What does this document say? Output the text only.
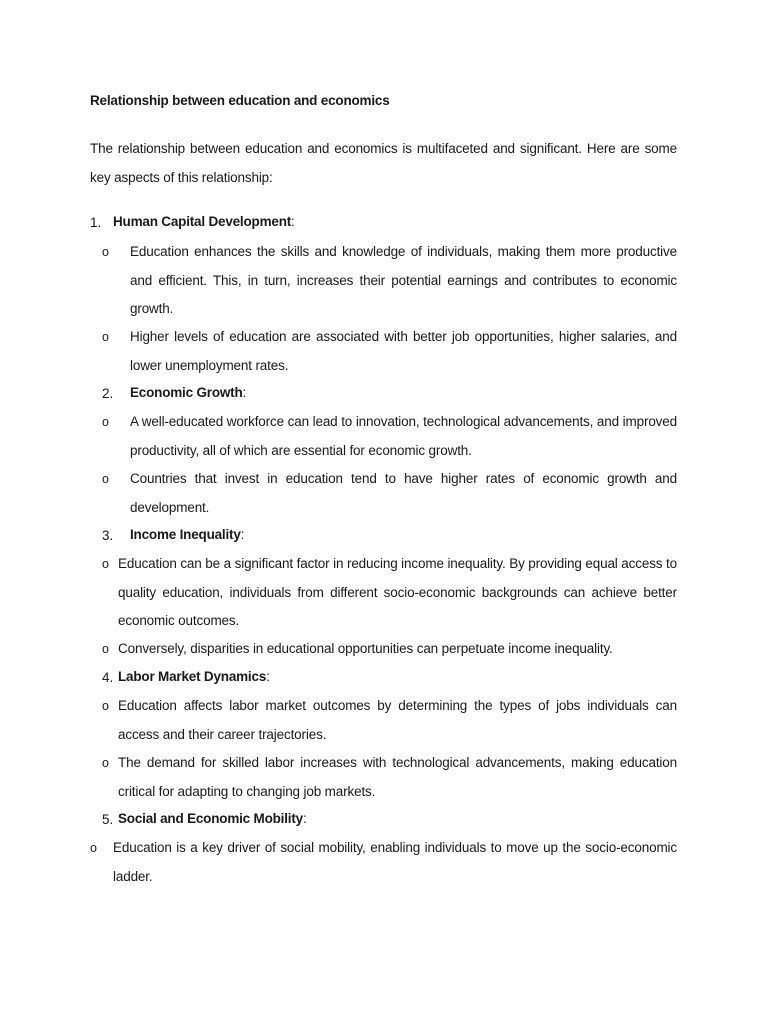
Relationship between education and economics
The relationship between education and economics is multifaceted and significant. Here are some key aspects of this relationship:
1. Human Capital Development:
o Education enhances the skills and knowledge of individuals, making them more productive and efficient. This, in turn, increases their potential earnings and contributes to economic growth.
o Higher levels of education are associated with better job opportunities, higher salaries, and lower unemployment rates.
2. Economic Growth:
o A well-educated workforce can lead to innovation, technological advancements, and improved productivity, all of which are essential for economic growth.
o Countries that invest in education tend to have higher rates of economic growth and development.
3. Income Inequality:
o Education can be a significant factor in reducing income inequality. By providing equal access to quality education, individuals from different socio-economic backgrounds can achieve better economic outcomes.
o Conversely, disparities in educational opportunities can perpetuate income inequality.
4. Labor Market Dynamics:
o Education affects labor market outcomes by determining the types of jobs individuals can access and their career trajectories.
o The demand for skilled labor increases with technological advancements, making education critical for adapting to changing job markets.
5. Social and Economic Mobility:
o Education is a key driver of social mobility, enabling individuals to move up the socio-economic ladder.
